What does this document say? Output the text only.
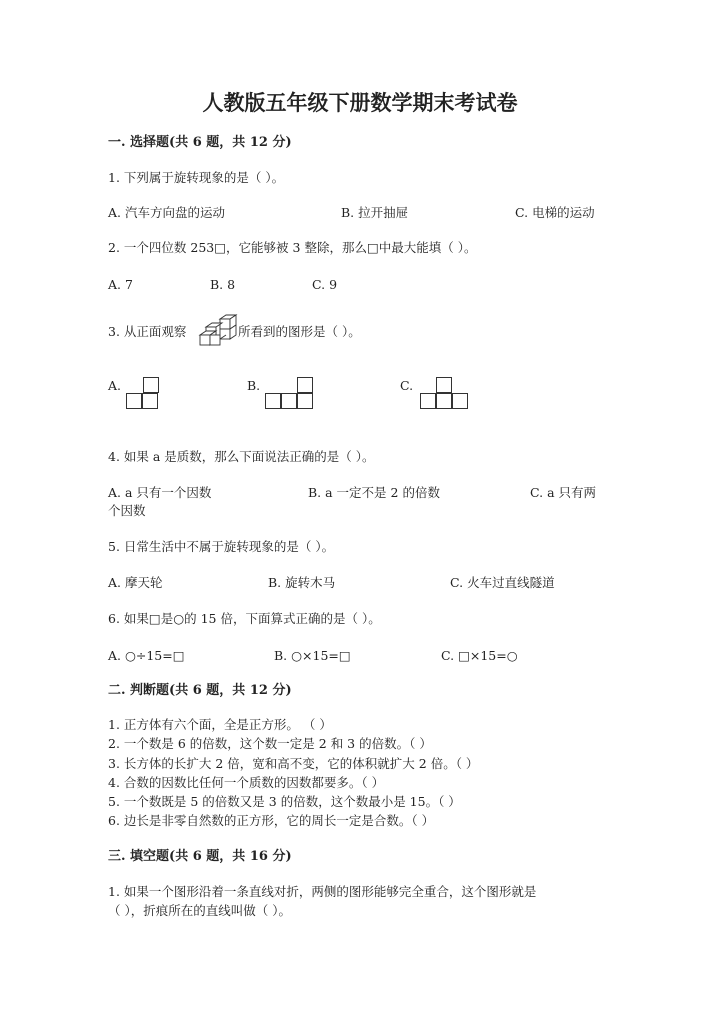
人教版五年级下册数学期末考试卷
一. 选择题(共 6 题，共 12 分)
1. 下列属于旋转现象的是（ ）。
A. 汽车方向盘的运动	B. 拉开抽屉	C. 电梯的运动
2. 一个四位数 253□，它能够被 3 整除，那么□中最大能填（ ）。
A. 7	B. 8	C. 9
3. 从正面观察	所看到的图形是（ ）。
A.	B.	C.
4. 如果 a 是质数，那么下面说法正确的是（ ）。
A. a 只有一个因数	B. a 一定不是 2 的倍数	C. a 只有两
个因数
5. 日常生活中不属于旋转现象的是（ ）。
A. 摩天轮	B. 旋转木马	C. 火车过直线隧道
6. 如果□是○的 15 倍，下面算式正确的是（ ）。
A. ○÷15=□	B. ○×15=□	C. □×15=○
二. 判断题(共 6 题，共 12 分)
1. 正方体有六个面，全是正方形。 （ ）
2. 一个数是 6 的倍数，这个数一定是 2 和 3 的倍数。（ ）
3. 长方体的长扩大 2 倍，宽和高不变，它的体积就扩大 2 倍。（ ）
4. 合数的因数比任何一个质数的因数都要多。（ ）
5. 一个数既是 5 的倍数又是 3 的倍数，这个数最小是 15。（ ）
6. 边长是非零自然数的正方形，它的周长一定是合数。（ ）
三. 填空题(共 6 题，共 16 分)
1. 如果一个图形沿着一条直线对折，两侧的图形能够完全重合，这个图形就是
（ ），折痕所在的直线叫做（ ）。
